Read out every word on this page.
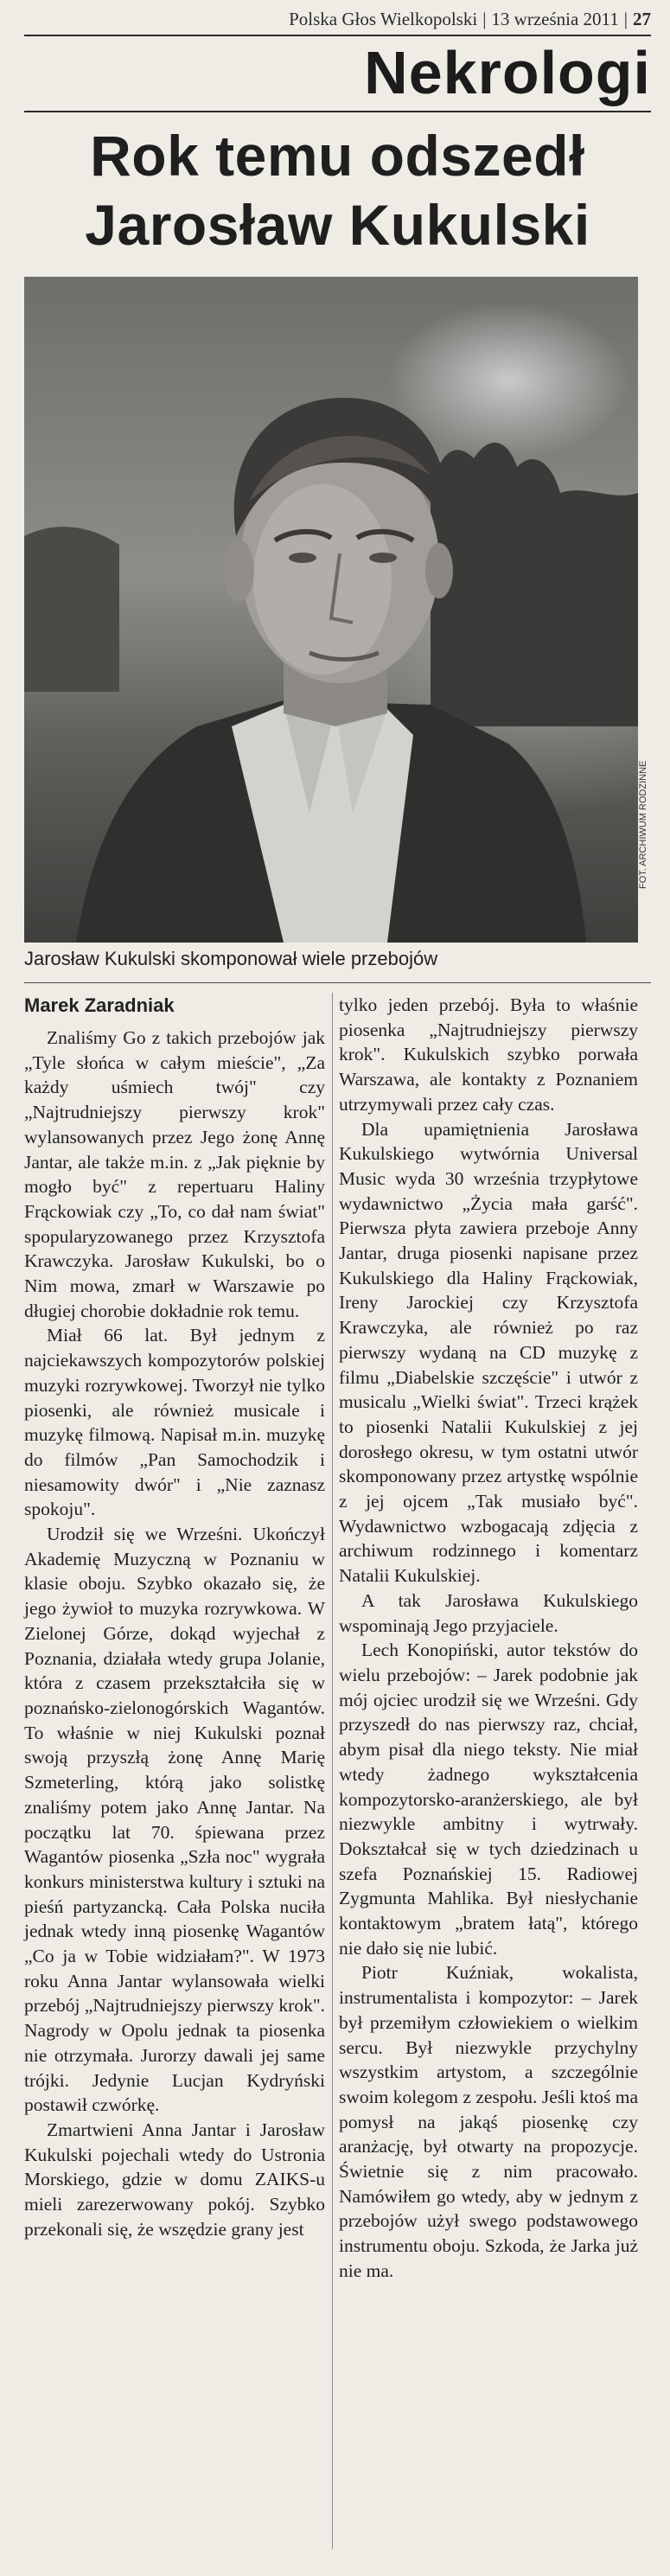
Polska Głos Wielkopolski | 13 września 2011 | 27
Nekrologi
Rok temu odszedł Jarosław Kukulski
FOT. ARCHIWUM RODZINNE
Jarosław Kukulski skomponował wiele przebojów
Marek Zaradniak

Znaliśmy Go z takich przebojów jak „Tyle słońca w całym mieście", „Za każdy uśmiech twój" czy „Najtrudniejszy pierwszy krok" wylansowanych przez Jego żonę Annę Jantar, ale także m.in. z „Jak pięknie by mogło być" z repertuaru Haliny Frąckowiak czy „To, co dał nam świat" spopularyzowanego przez Krzysztofa Krawczyka. Jarosław Kukulski, bo o Nim mowa, zmarł w Warszawie po długiej chorobie dokładnie rok temu.

Miał 66 lat. Był jednym z najciekawszych kompozytorów polskiej muzyki rozrywkowej. Tworzył nie tylko piosenki, ale również musicale i muzykę filmową. Napisał m.in. muzykę do filmów „Pan Samochodzik i niesamowity dwór" i „Nie zaznasz spokoju".

Urodził się we Wrześni. Ukończył Akademię Muzyczną w Poznaniu w klasie oboju. Szybko okazało się, że jego żywioł to muzyka rozrywkowa. W Zielonej Górze, dokąd wyjechał z Poznania, działała wtedy grupa Jolanie, która z czasem przekształciła się w poznańsko-zielonogórskich Wagantów. To właśnie w niej Kukulski poznał swoją przyszłą żonę Annę Marię Szmeterling, którą jako solistkę znaliśmy potem jako Annę Jantar. Na początku lat 70. śpiewana przez Wagantów piosenka „Szła noc" wygrała konkurs ministerstwa kultury i sztuki na pieśń partyzancką. Cała Polska nuciła jednak wtedy inną piosenkę Wagantów „Co ja w Tobie widziałam?". W 1973 roku Anna Jantar wylansowała wielki przebój „Najtrudniejszy pierwszy krok". Nagrody w Opolu jednak ta piosenka nie otrzymała. Jurorzy dawali jej same trójki. Jedynie Lucjan Kydryński postawił czwórkę.

Zmartwieni Anna Jantar i Jarosław Kukulski pojechali wtedy do Ustronia Morskiego, gdzie w domu ZAIKS-u mieli zarezerwowany pokój. Szybko przekonali się, że wszędzie grany jest

tylko jeden przebój. Była to właśnie piosenka „Najtrudniejszy pierwszy krok". Kukulskich szybko porwała Warszawa, ale kontakty z Poznaniem utrzymywali przez cały czas.

Dla upamiętnienia Jarosława Kukulskiego wytwórnia Universal Music wyda 30 września trzypłytowe wydawnictwo „Życia mała garść". Pierwsza płyta zawiera przeboje Anny Jantar, druga piosenki napisane przez Kukulskiego dla Haliny Frąckowiak, Ireny Jarockiej czy Krzysztofa Krawczyka, ale również po raz pierwszy wydaną na CD muzykę z filmu „Diabelskie szczęście" i utwór z musicalu „Wielki świat". Trzeci krążek to piosenki Natalii Kukulskiej z jej dorosłego okresu, w tym ostatni utwór skomponowany przez artystkę wspólnie z jej ojcem „Tak musiało być". Wydawnictwo wzbogacają zdjęcia z archiwum rodzinnego i komentarz Natalii Kukulskiej.

A tak Jarosława Kukulskiego wspominają Jego przyjaciele.

Lech Konopiński, autor tekstów do wielu przebojów: – Jarek podobnie jak mój ojciec urodził się we Wrześni. Gdy przyszedł do nas pierwszy raz, chciał, abym pisał dla niego teksty. Nie miał wtedy żadnego wykształcenia kompozytorsko-aranżerskiego, ale był niezwykle ambitny i wytrwały. Dokształcał się w tych dziedzinach u szefa Poznańskiej 15. Radiowej Zygmunta Mahlika. Był niesłychanie kontaktowym „bratem łatą", którego nie dało się nie lubić.

Piotr Kuźniak, wokalista, instrumentalista i kompozytor: – Jarek był przemiłym człowiekiem o wielkim sercu. Był niezwykle przychylny wszystkim artystom, a szczególnie swoim kolegom z zespołu. Jeśli ktoś ma pomysł na jakąś piosenkę czy aranżację, był otwarty na propozycje. Świetnie się z nim pracowało. Namówiłem go wtedy, aby w jednym z przebojów użył swego podstawowego instrumentu oboju. Szkoda, że Jarka już nie ma.
